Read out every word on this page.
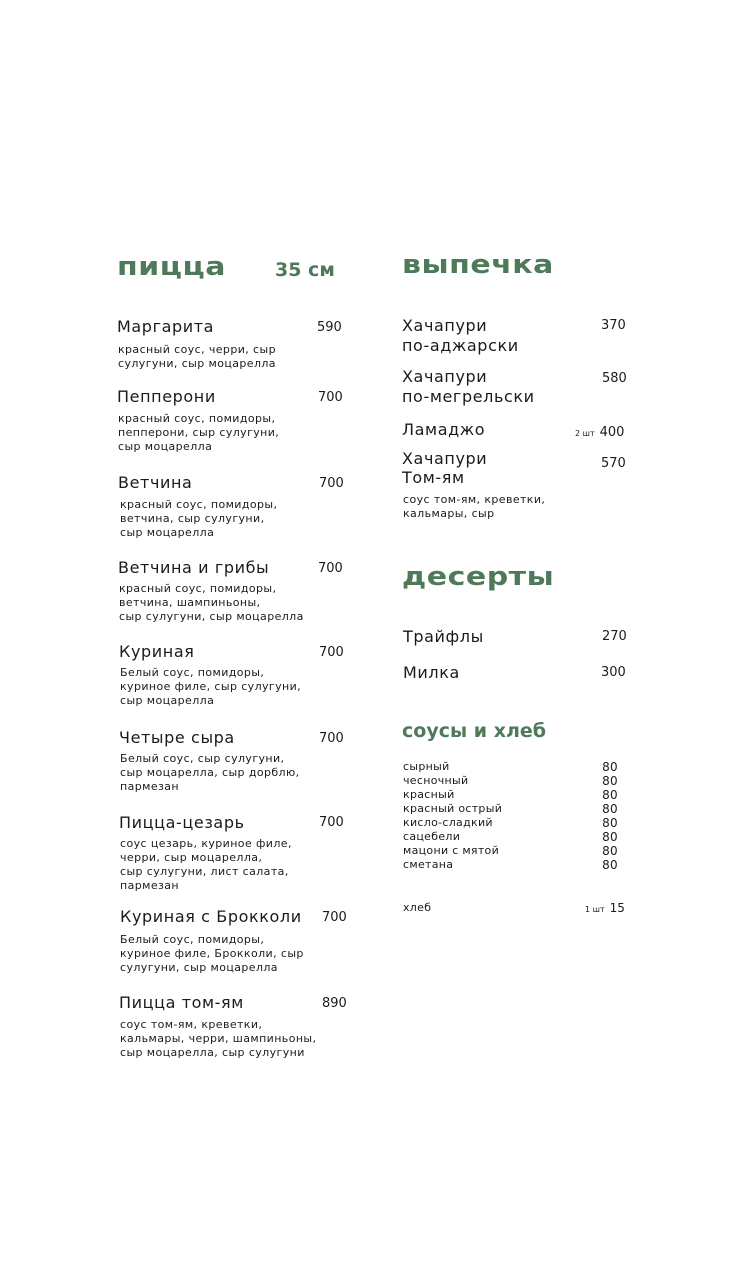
пицца	35 см
Маргарита	590
красный соус, черри, сыр
сулугуни, сыр моцарелла
Пепперони	700
красный соус, помидоры,
пепперони, сыр сулугуни,
сыр моцарелла
Ветчина	700
красный соус, помидоры,
ветчина, сыр сулугуни,
сыр моцарелла
Ветчина и грибы	700
красный соус, помидоры,
ветчина, шампиньоны,
сыр сулугуни, сыр моцарелла
Куриная	700
Белый соус, помидоры,
куриное филе, сыр сулугуни,
сыр моцарелла
Четыре сыра	700
Белый соус, сыр сулугуни,
сыр моцарелла, сыр дорблю,
пармезан
Пицца-цезарь	700
соус цезарь, куриное филе,
черри, сыр моцарелла,
сыр сулугуни, лист салата,
пармезан
Куриная с Брокколи 700
Белый соус, помидоры,
куриное филе, Брокколи, сыр
сулугуни, сыр моцарелла
Пицца том-ям	890
соус том-ям, креветки,
кальмары, черри, шампиньоны,
сыр моцарелла, сыр сулугуни
выпечка
Хачапури
по-аджарски
370
Хачапури
по-мегрельски
580
Ламаджо	2 шт 400
Хачапури
Том-ям
570
соус том-ям, креветки,
кальмары, сыр
десерты
Трайфлы	270
Милка	300
соусы и хлеб
сырный	80
чесночный	80
красный	80
красный острый	80
кисло-сладкий	80
сацебели	80
мацони с мятой	80
сметана	80
хлеб	1 шт 15
